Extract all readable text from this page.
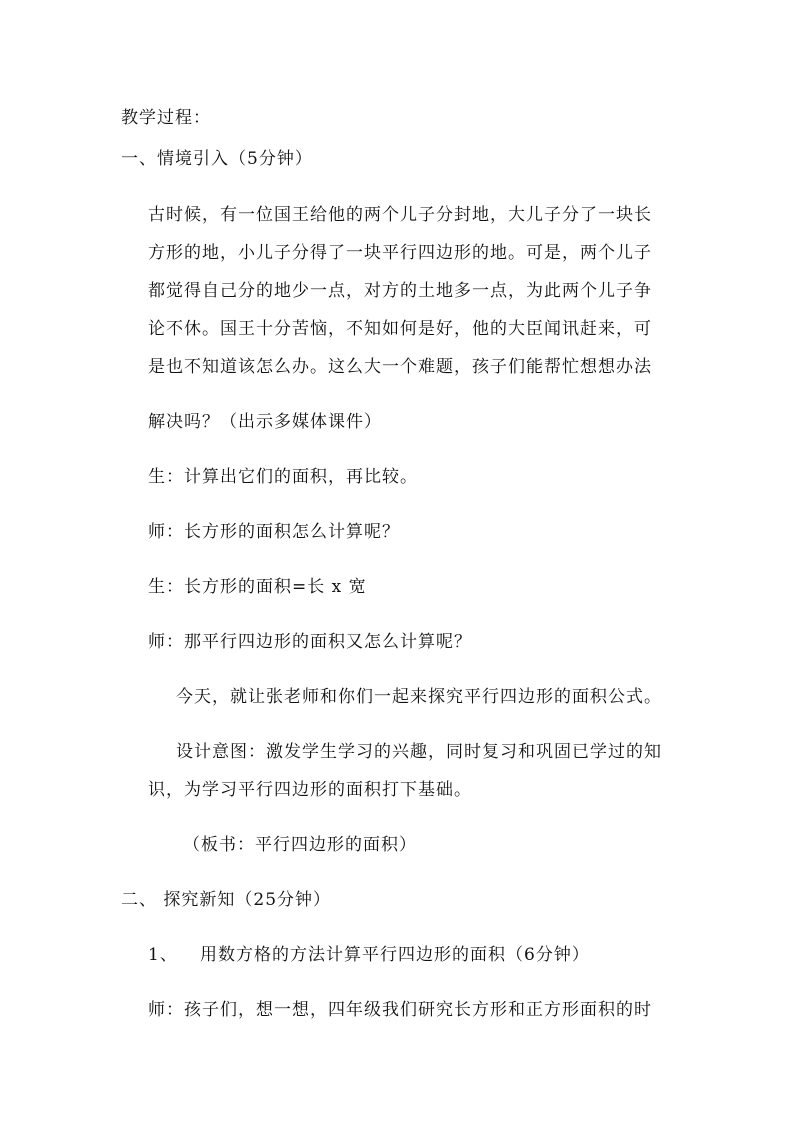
教学过程：
一、情境引入（5分钟）
古时候，有一位国王给他的两个儿子分封地，大儿子分了一块长
方形的地，小儿子分得了一块平行四边形的地。可是，两个儿子
都觉得自己分的地少一点，对方的土地多一点，为此两个儿子争
论不休。国王十分苦恼，不知如何是好，他的大臣闻讯赶来，可
是也不知道该怎么办。这么大一个难题，孩子们能帮忙想想办法
解决吗？（出示多媒体课件）
生：计算出它们的面积，再比较。
师：长方形的面积怎么计算呢？
生：长方形的面积=长 x 宽
师：那平行四边形的面积又怎么计算呢？
今天，就让张老师和你们一起来探究平行四边形的面积公式。
设计意图：激发学生学习的兴趣，同时复习和巩固已学过的知
识，为学习平行四边形的面积打下基础。
（板书：平行四边形的面积）
二、 探究新知（25分钟）
1、 用数方格的方法计算平行四边形的面积（6分钟）
师：孩子们，想一想，四年级我们研究长方形和正方形面积的时
